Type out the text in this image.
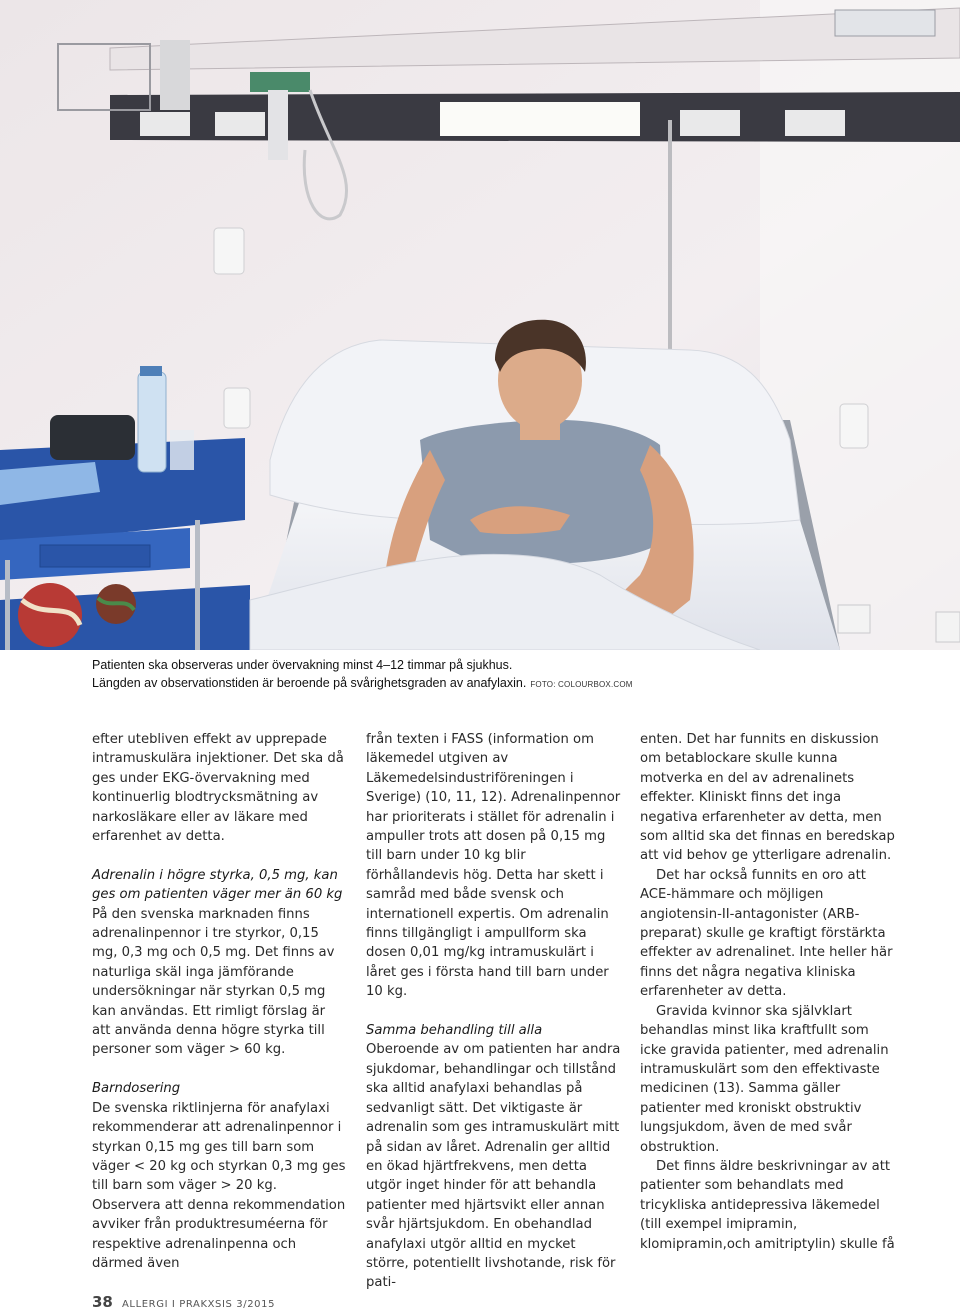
Patienten ska observeras under övervakning minst 4–12 timmar på sjukhus.
Längden av observationstiden är beroende på svårighetsgraden av anafylaxin. FOTO: COLOURBOX.COM

efter utebliven effekt av upprepade intramuskulära injektioner. Det ska då ges under EKG-övervakning med kontinuerlig blodtrycksmätning av narkosläkare eller av läkare med erfarenhet av detta.

Adrenalin i högre styrka, 0,5 mg, kan ges om patienten väger mer än 60 kg

På den svenska marknaden finns adrenalinpennor i tre styrkor, 0,15 mg, 0,3 mg och 0,5 mg. Det finns av naturliga skäl inga jämförande undersökningar när styrkan 0,5 mg kan användas. Ett rimligt förslag är att använda denna högre styrka till personer som väger > 60 kg.

Barndosering

De svenska riktlinjerna för anafylaxi rekommenderar att adrenalinpennor i styrkan 0,15 mg ges till barn som väger < 20 kg och styrkan 0,3 mg ges till barn som väger > 20 kg. Observera att denna rekommendation avviker från produktresuméerna för respektive adrenalinpenna och därmed även

från texten i FASS (information om läkemedel utgiven av Läkemedelsindustriföreningen i Sverige) (10, 11, 12). Adrenalinpennor har prioriterats i stället för adrenalin i ampuller trots att dosen på 0,15 mg till barn under 10 kg blir förhållandevis hög. Detta har skett i samråd med både svensk och internationell expertis. Om adrenalin finns tillgängligt i ampullform ska dosen 0,01 mg/kg intramuskulärt i låret ges i första hand till barn under 10 kg.

Samma behandling till alla

Oberoende av om patienten har andra sjukdomar, behandlingar och tillstånd ska alltid anafylaxi behandlas på sedvanligt sätt. Det viktigaste är adrenalin som ges intramuskulärt mitt på sidan av låret. Adrenalin ger alltid en ökad hjärtfrekvens, men detta utgör inget hinder för att behandla patienter med hjärtsvikt eller annan svår hjärtsjukdom. En obehandlad anafylaxi utgör alltid en mycket större, potentiellt livshotande, risk för pati-

enten. Det har funnits en diskussion om betablockare skulle kunna motverka en del av adrenalinets effekter. Kliniskt finns det inga negativa erfarenheter av detta, men som alltid ska det finnas en beredskap att vid behov ge ytterligare adrenalin.

Det har också funnits en oro att ACE-hämmare och möjligen angiotensin-II-antagonister (ARB-preparat) skulle ge kraftigt förstärkta effekter av adrenalinet. Inte heller här finns det några negativa kliniska erfarenheter av detta.

Gravida kvinnor ska självklart behandlas minst lika kraftfullt som icke gravida patienter, med adrenalin intramuskulärt som den effektivaste medicinen (13). Samma gäller patienter med kroniskt obstruktiv lungsjukdom, även de med svår obstruktion.

Det finns äldre beskrivningar av att patienter som behandlats med tricykliska antidepressiva läkemedel (till exempel imipramin, klomipramin,och amitriptylin) skulle få

38 ALLERGI I PRAKXSIS 3/2015
